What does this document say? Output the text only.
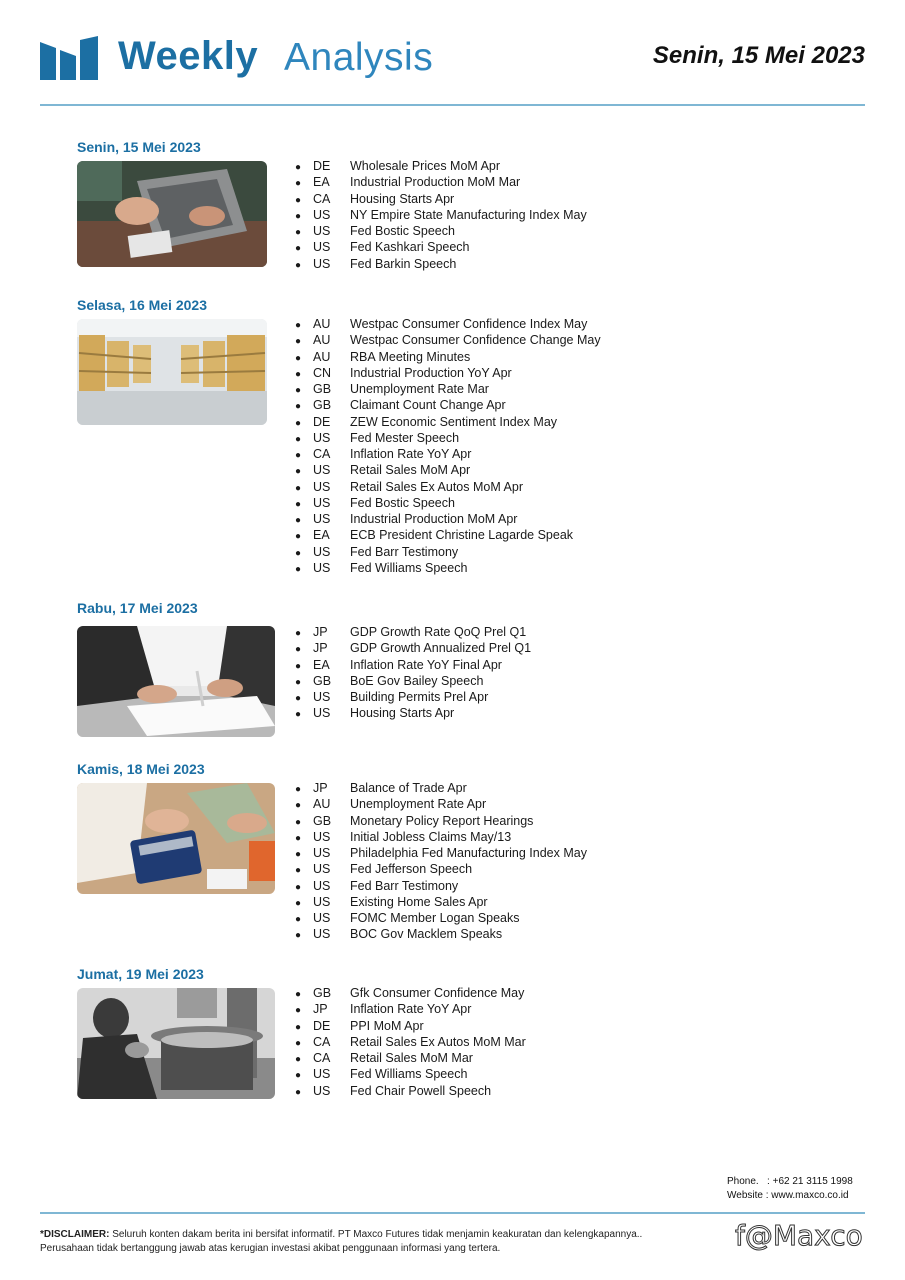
Weekly Analysis	Senin, 15 Mei 2023
Senin, 15 Mei 2023
● DE Wholesale Prices MoM Apr
● EA Industrial Production MoM Mar
● CA Housing Starts Apr
● US NY Empire State Manufacturing Index May
● US Fed Bostic Speech
● US Fed Kashkari Speech
● US Fed Barkin Speech
Selasa, 16 Mei 2023
● AU Westpac Consumer Confidence Index May
● AU Westpac Consumer Confidence Change May
● AU RBA Meeting Minutes
● CN Industrial Production YoY Apr
● GB Unemployment Rate Mar
● GB Claimant Count Change Apr
● DE ZEW Economic Sentiment Index May
● US Fed Mester Speech
● CA Inflation Rate YoY Apr
● US Retail Sales MoM Apr
● US Retail Sales Ex Autos MoM Apr
● US Fed Bostic Speech
● US Industrial Production MoM Apr
● EA ECB President Christine Lagarde Speak
● US Fed Barr Testimony
● US Fed Williams Speech
Rabu, 17 Mei 2023
● JP GDP Growth Rate QoQ Prel Q1
● JP GDP Growth Annualized Prel Q1
● EA Inflation Rate YoY Final Apr
● GB BoE Gov Bailey Speech
● US Building Permits Prel Apr
● US Housing Starts Apr
Kamis, 18 Mei 2023
● JP Balance of Trade Apr
● AU Unemployment Rate Apr
● GB Monetary Policy Report Hearings
● US Initial Jobless Claims May/13
● US Philadelphia Fed Manufacturing Index May
● US Fed Jefferson Speech
● US Fed Barr Testimony
● US Existing Home Sales Apr
● US FOMC Member Logan Speaks
● US BOC Gov Macklem Speaks
Jumat, 19 Mei 2023
● GB Gfk Consumer Confidence May
● JP Inflation Rate YoY Apr
● DE PPI MoM Apr
● CA Retail Sales Ex Autos MoM Mar
● CA Retail Sales MoM Mar
● US Fed Williams Speech
● US Fed Chair Powell Speech
Phone. : +62 21 3115 1998
Website : www.maxco.co.id
*DISCLAIMER: Seluruh konten dakam berita ini bersifat informatif. PT Maxco Futures tidak menjamin keakuratan dan kelengkapannya..
Perusahaan tidak bertanggung jawab atas kerugian investasi akibat penggunaan informasi yang tertera.	f@Maxco
